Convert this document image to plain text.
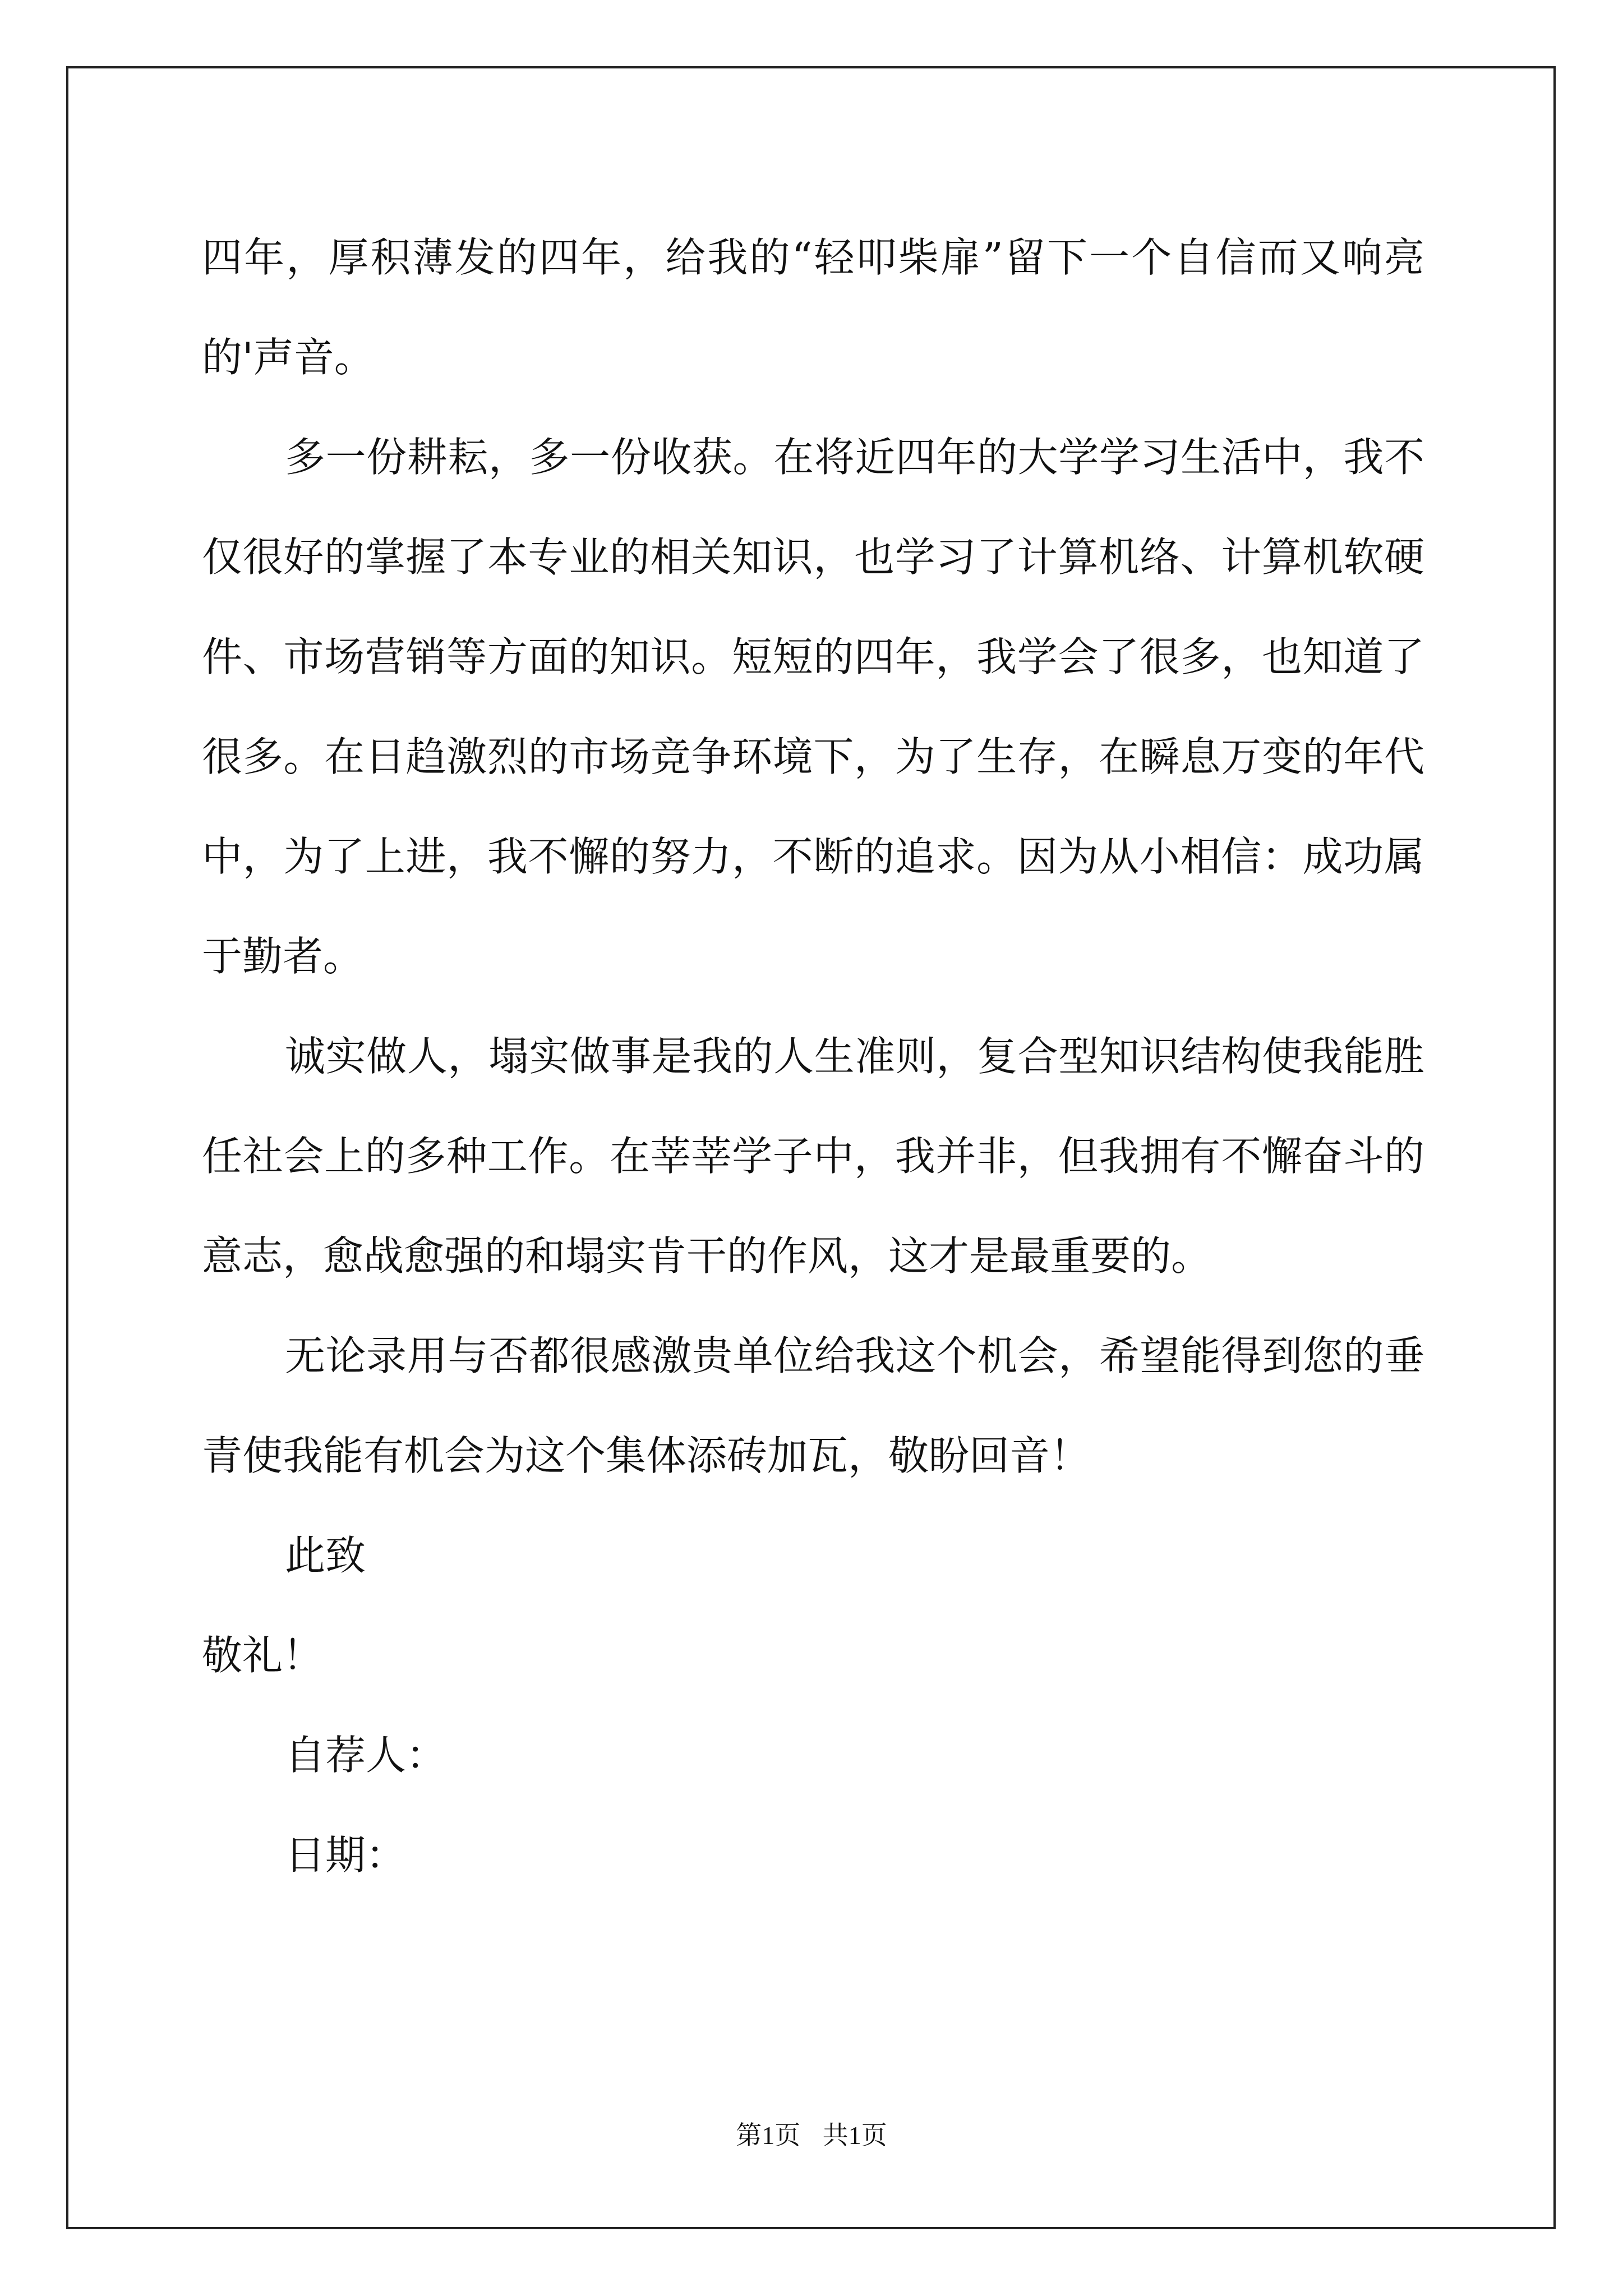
四年，厚积薄发的四年，给我的“轻叩柴扉”留下一个自信而又响亮的'声音。

多一份耕耘，多一份收获。在将近四年的大学学习生活中，我不仅很好的掌握了本专业的相关知识，也学习了计算机络、计算机软硬件、市场营销等方面的知识。短短的四年，我学会了很多，也知道了很多。在日趋激烈的市场竞争环境下，为了生存，在瞬息万变的年代中，为了上进，我不懈的努力，不断的追求。因为从小相信：成功属于勤者。

诚实做人，塌实做事是我的人生准则，复合型知识结构使我能胜任社会上的多种工作。在莘莘学子中，我并非，但我拥有不懈奋斗的意志，愈战愈强的和塌实肯干的作风，这才是最重要的。

无论录用与否都很感激贵单位给我这个机会，希望能得到您的垂青使我能有机会为这个集体添砖加瓦，敬盼回音！

此致

敬礼！

自荐人：

日期：

第1页 共1页
